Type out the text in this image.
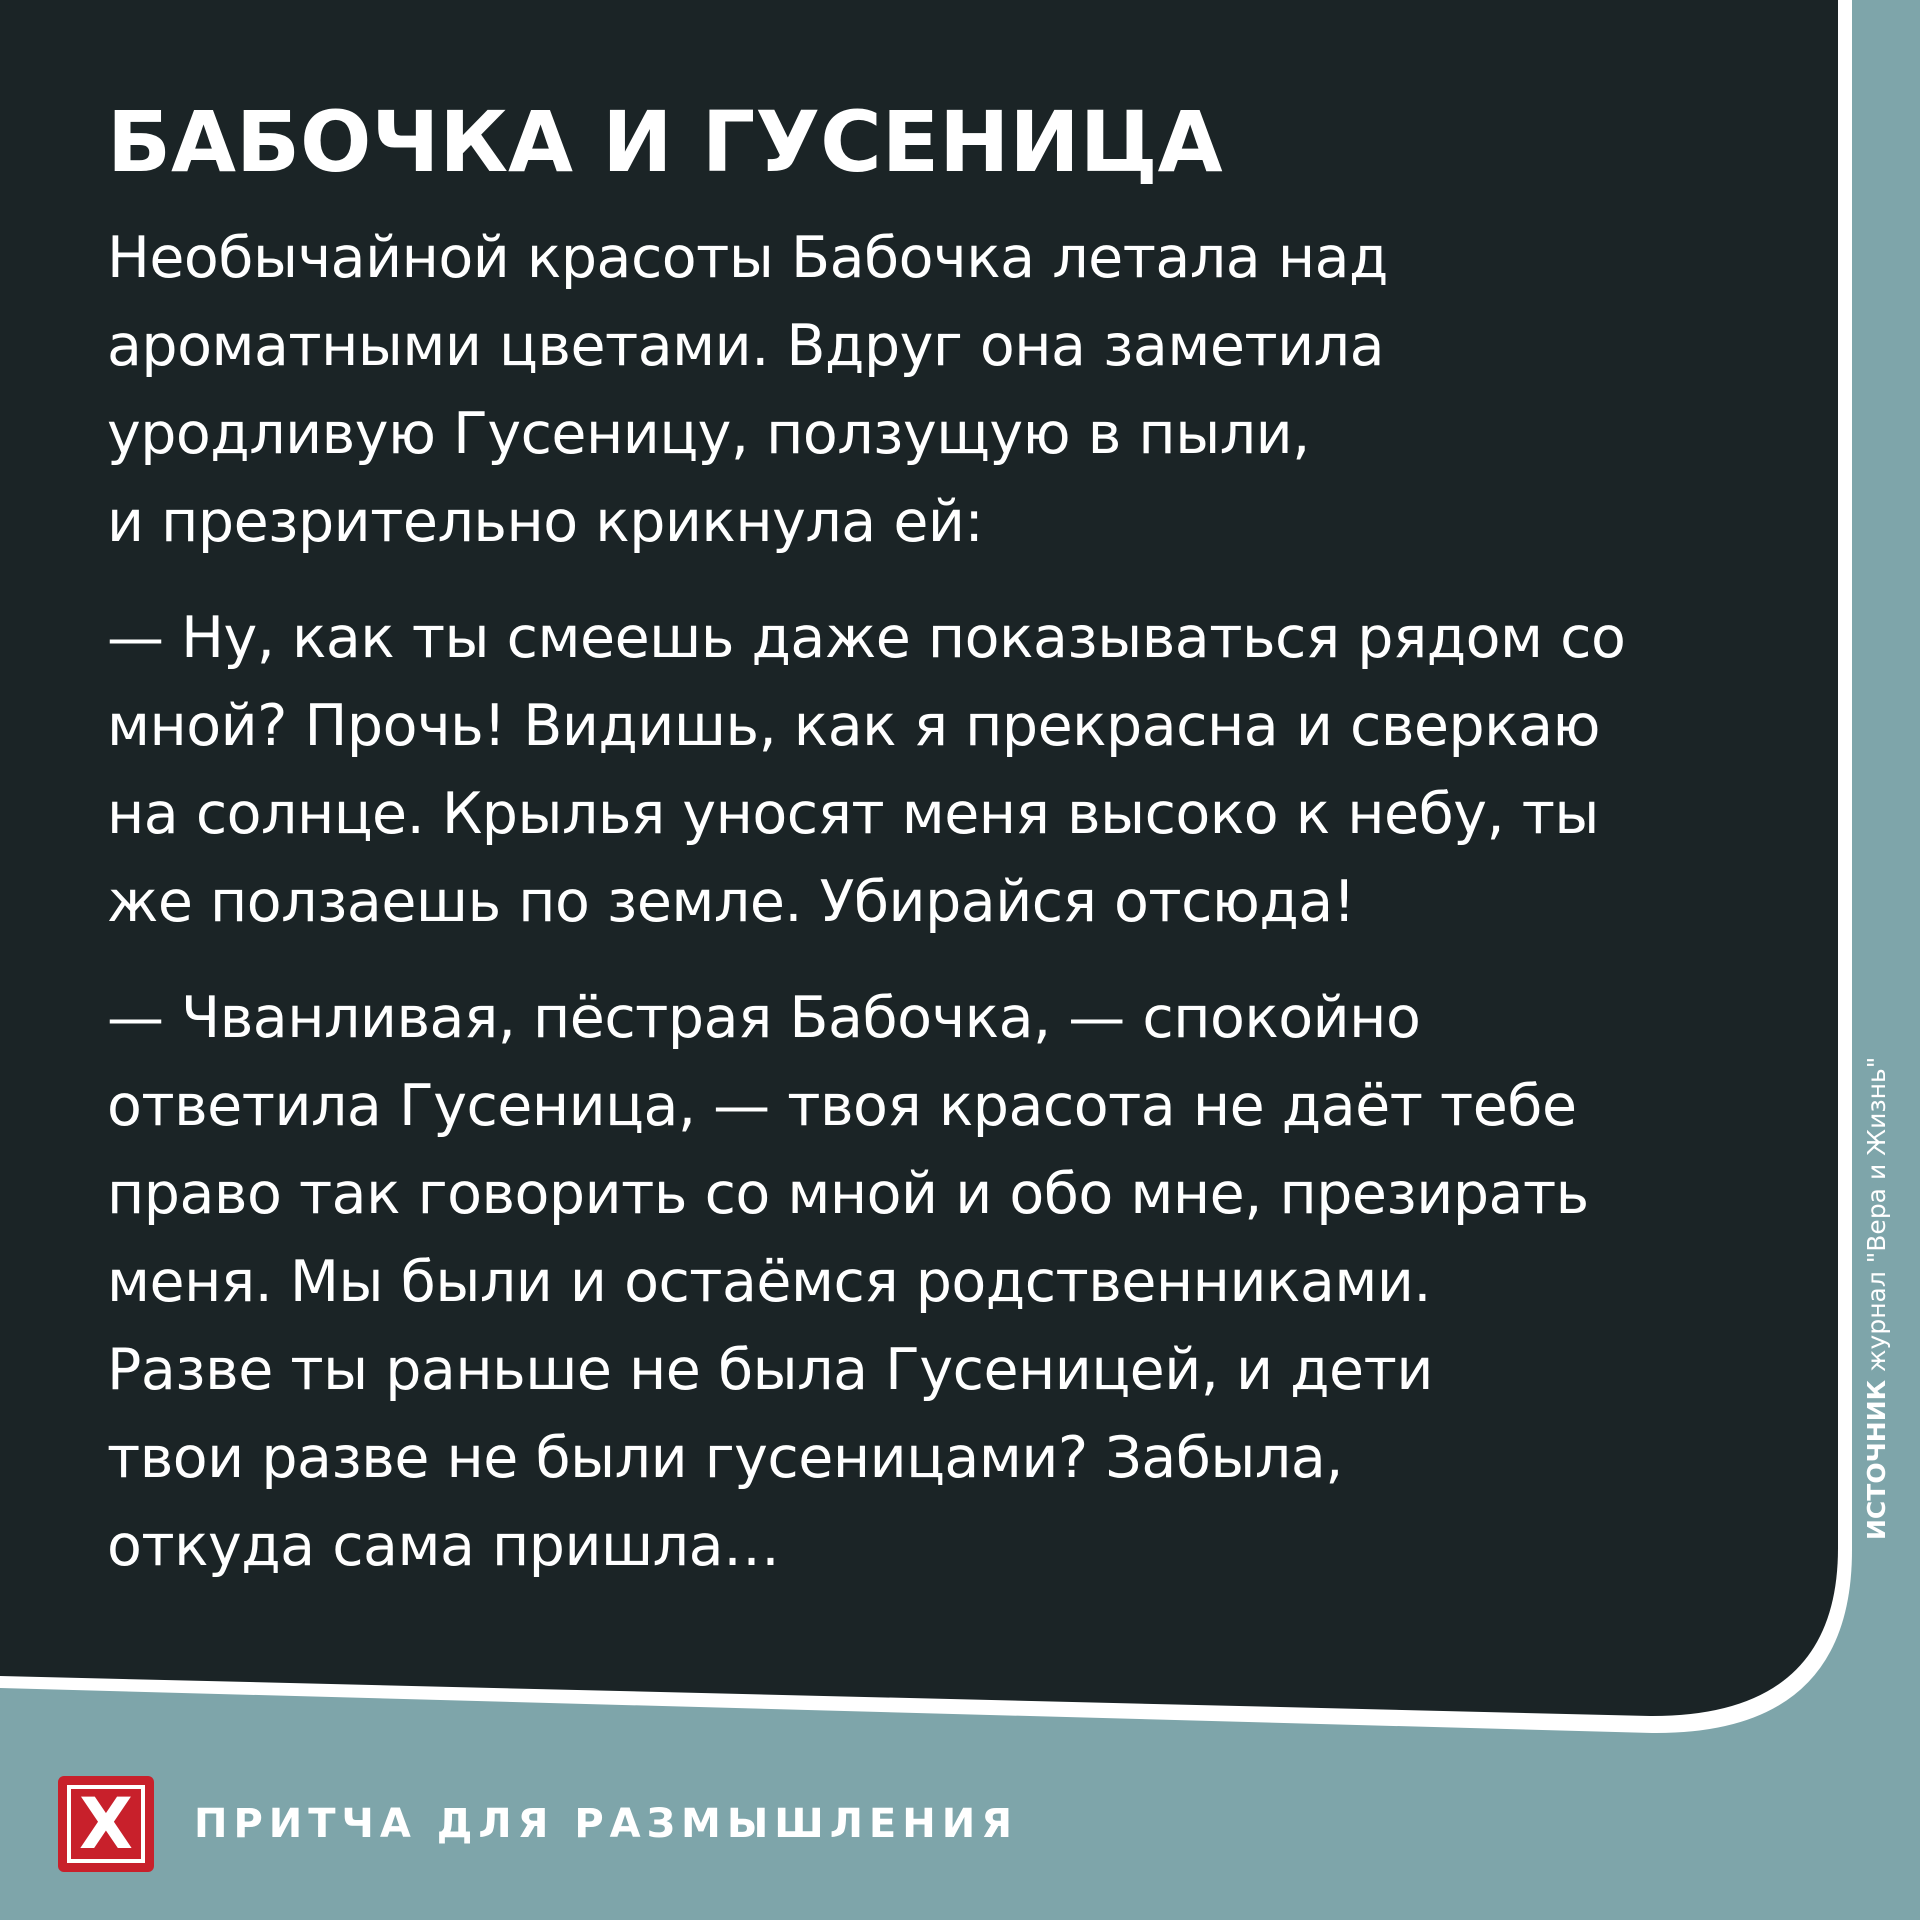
БАБОЧКА И ГУСЕНИЦА

Необычайной красоты Бабочка летала над
ароматными цветами. Вдруг она заметила
уродливую Гусеницу, ползущую в пыли,
и презрительно крикнула ей:

— Ну, как ты смеешь даже показываться рядом со
мной? Прочь! Видишь, как я прекрасна и сверкаю
на солнце. Крылья уносят меня высоко к небу, ты
же ползаешь по земле. Убирайся отсюда!

— Чванливая, пёстрая Бабочка, — спокойно
ответила Гусеница, — твоя красота не даёт тебе
право так говорить со мной и обо мне, презирать
меня. Мы были и остаёмся родственниками.
Разве ты раньше не была Гусеницей, и дети
твои разве не были гусеницами? Забыла,
откуда сама пришла…

ИСТОЧНИК журнал "Вера и Жизнь"
X	ПРИТЧА ДЛЯ РАЗМЫШЛЕНИЯ
